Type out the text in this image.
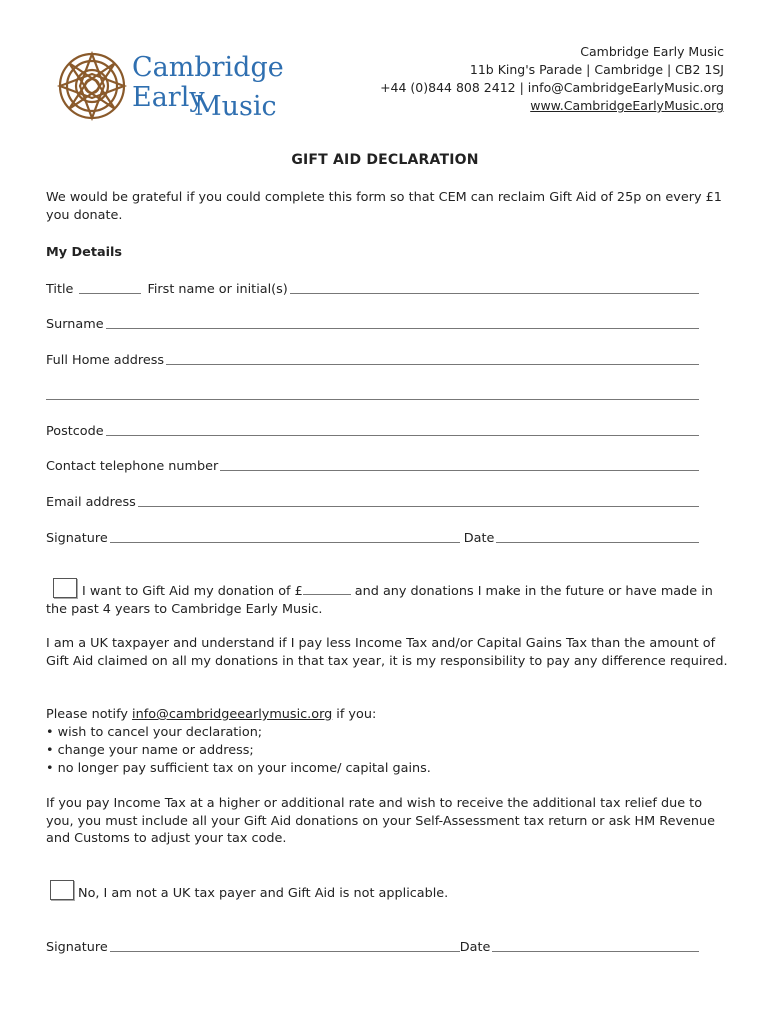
Cambridge
Early
Music
Cambridge Early Music
11b King's Parade | Cambridge | CB2 1SJ
+44 (0)844 808 2412 | info@CambridgeEarlyMusic.org
www.CambridgeEarlyMusic.org
GIFT AID DECLARATION

We would be grateful if you could complete this form so that CEM can reclaim Gift Aid of 25p on every £1 you donate.

My Details

Title	First name or initial(s)
Surname
Full Home address
Postcode
Contact telephone number
Email address
Signature	Date

I want to Gift Aid my donation of £	and any donations I make in the future or have made in the past 4 years to Cambridge Early Music.

I am a UK taxpayer and understand if I pay less Income Tax and/or Capital Gains Tax than the amount of Gift Aid claimed on all my donations in that tax year, it is my responsibility to pay any difference required.

Please notify info@cambridgeearlymusic.org if you:
• wish to cancel your declaration;
• change your name or address;
• no longer pay sufficient tax on your income/ capital gains.

If you pay Income Tax at a higher or additional rate and wish to receive the additional tax relief due to you, you must include all your Gift Aid donations on your Self-Assessment tax return or ask HM Revenue and Customs to adjust your tax code.

No, I am not a UK tax payer and Gift Aid is not applicable.

Signature	Date
